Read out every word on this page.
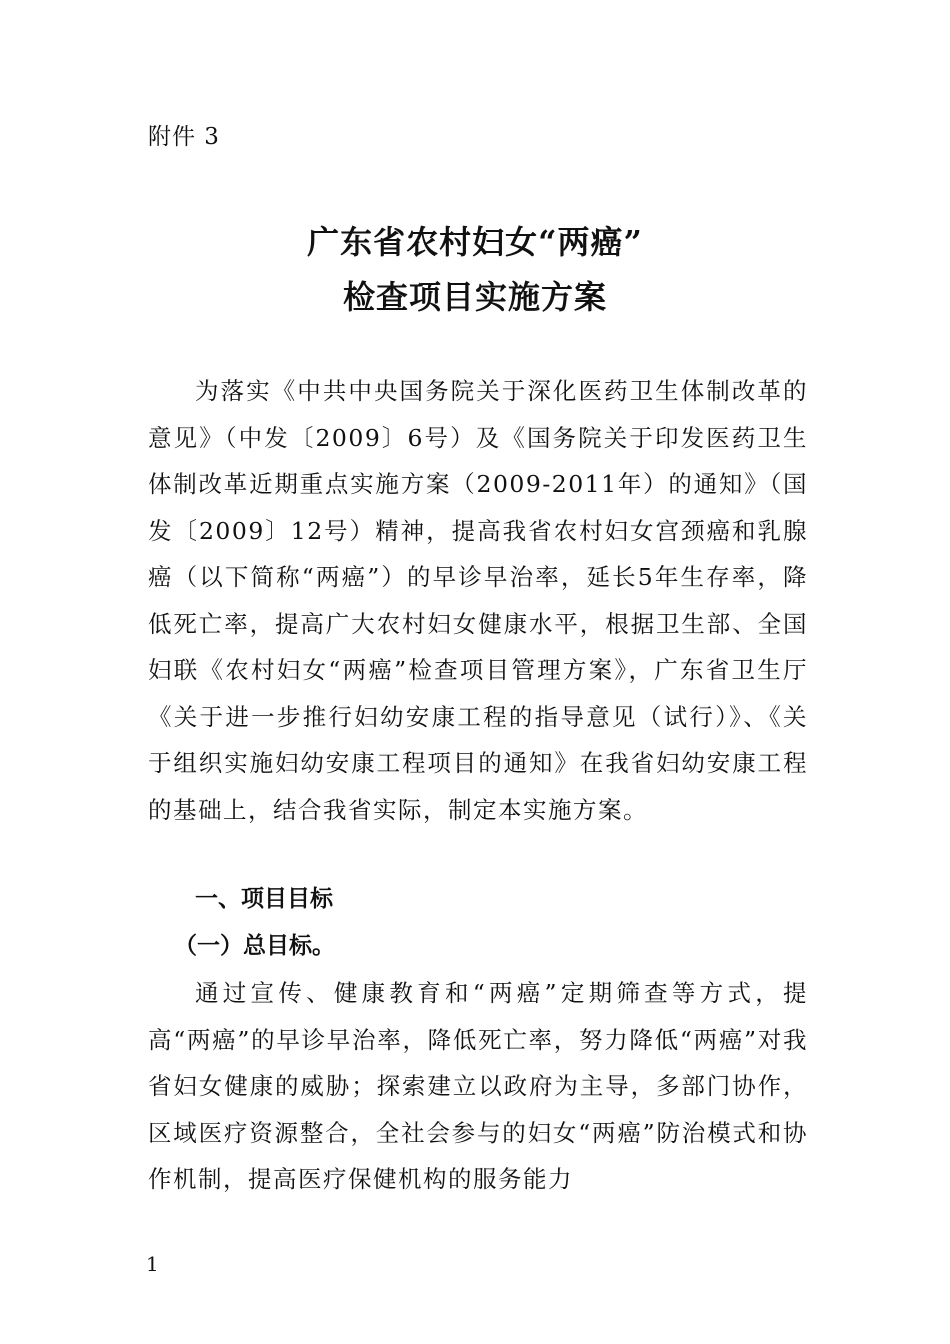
附件 3
广东省农村妇女“两癌”
检查项目实施方案
为落实《中共中央国务院关于深化医药卫生体制改革的意见》（中发〔2009〕6号）及《国务院关于印发医药卫生体制改革近期重点实施方案（2009-2011年）的通知》（国发〔2009〕12号）精神，提高我省农村妇女宫颈癌和乳腺癌（以下简称“两癌”）的早诊早治率，延长5年生存率，降低死亡率，提高广大农村妇女健康水平，根据卫生部、全国妇联《农村妇女“两癌”检查项目管理方案》，广东省卫生厅《关于进一步推行妇幼安康工程的指导意见（试行）》、《关于组织实施妇幼安康工程项目的通知》在我省妇幼安康工程的基础上，结合我省实际，制定本实施方案。
一、项目目标
（一）总目标。
通过宣传、健康教育和“两癌”定期筛查等方式，提高“两癌”的早诊早治率，降低死亡率，努力降低“两癌”对我省妇女健康的威胁；探索建立以政府为主导，多部门协作，区域医疗资源整合，全社会参与的妇女“两癌”防治模式和协作机制，提高医疗保健机构的服务能力
1
